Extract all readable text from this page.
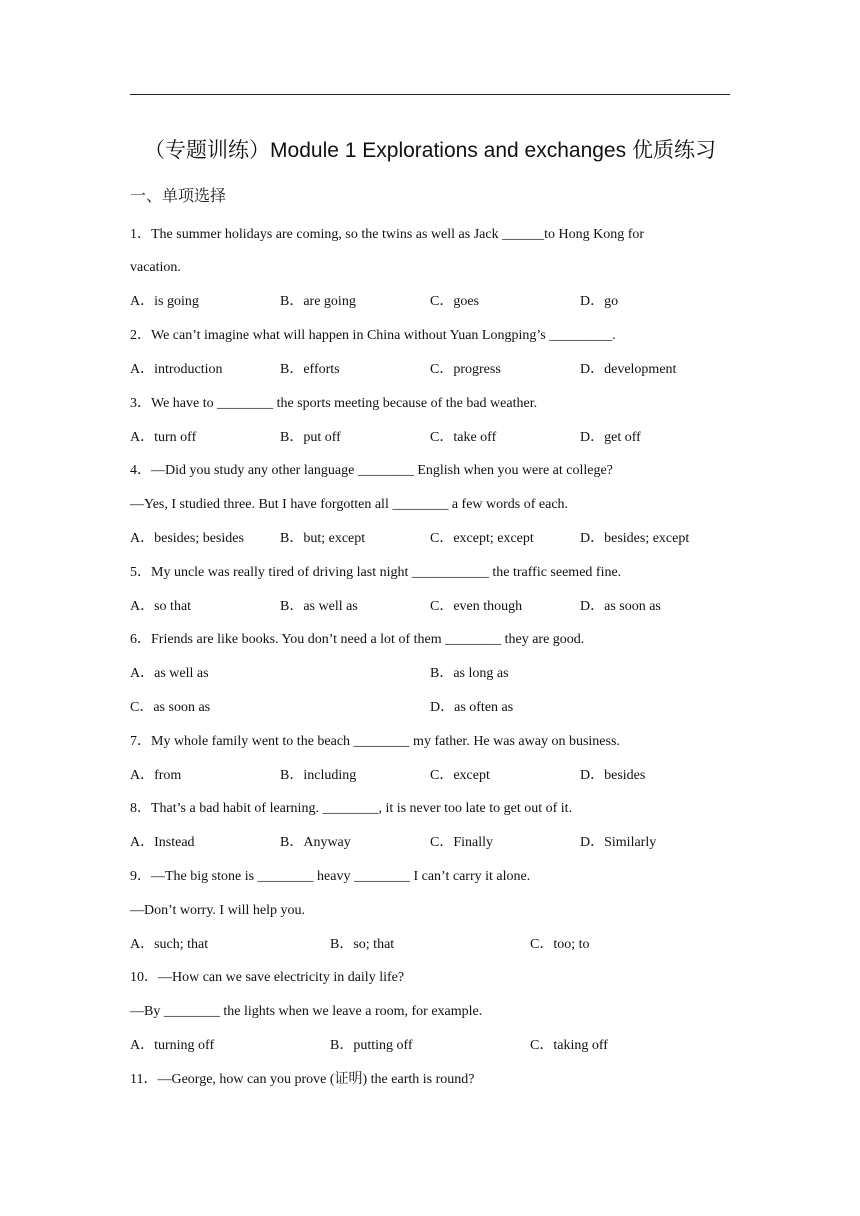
（专题训练）Module 1 Explorations and exchanges 优质练习
一、单项选择
1．The summer holidays are coming, so the twins as well as Jack ______to Hong Kong for
vacation.
A．is going	B．are going	C．goes	D．go
2．We can’t imagine what will happen in China without Yuan Longping’s _________.
A．introduction	B．efforts	C．progress	D．development
3．We have to ________ the sports meeting because of the bad weather.
A．turn off	B．put off	C．take off	D．get off
4．—Did you study any other language ________ English when you were at college?
—Yes, I studied three. But I have forgotten all ________ a few words of each.
A．besides; besides	B．but; except	C．except; except	D．besides; except
5．My uncle was really tired of driving last night ___________ the traffic seemed fine.
A．so that	B．as well as	C．even though	D．as soon as
6．Friends are like books. You don’t need a lot of them ________ they are good.
A．as well as	B．as long as
C．as soon as	D．as often as
7．My whole family went to the beach ________ my father. He was away on business.
A．from	B．including	C．except	D．besides
8．That’s a bad habit of learning. ________, it is never too late to get out of it.
A．Instead	B．Anyway	C．Finally	D．Similarly
9．—The big stone is ________ heavy ________ I can’t carry it alone.
—Don’t worry. I will help you.
A．such; that	B．so; that	C．too; to
10．—How can we save electricity in daily life?
—By ________ the lights when we leave a room, for example.
A．turning off	B．putting off	C．taking off
11．—George, how can you prove (证明) the earth is round?
